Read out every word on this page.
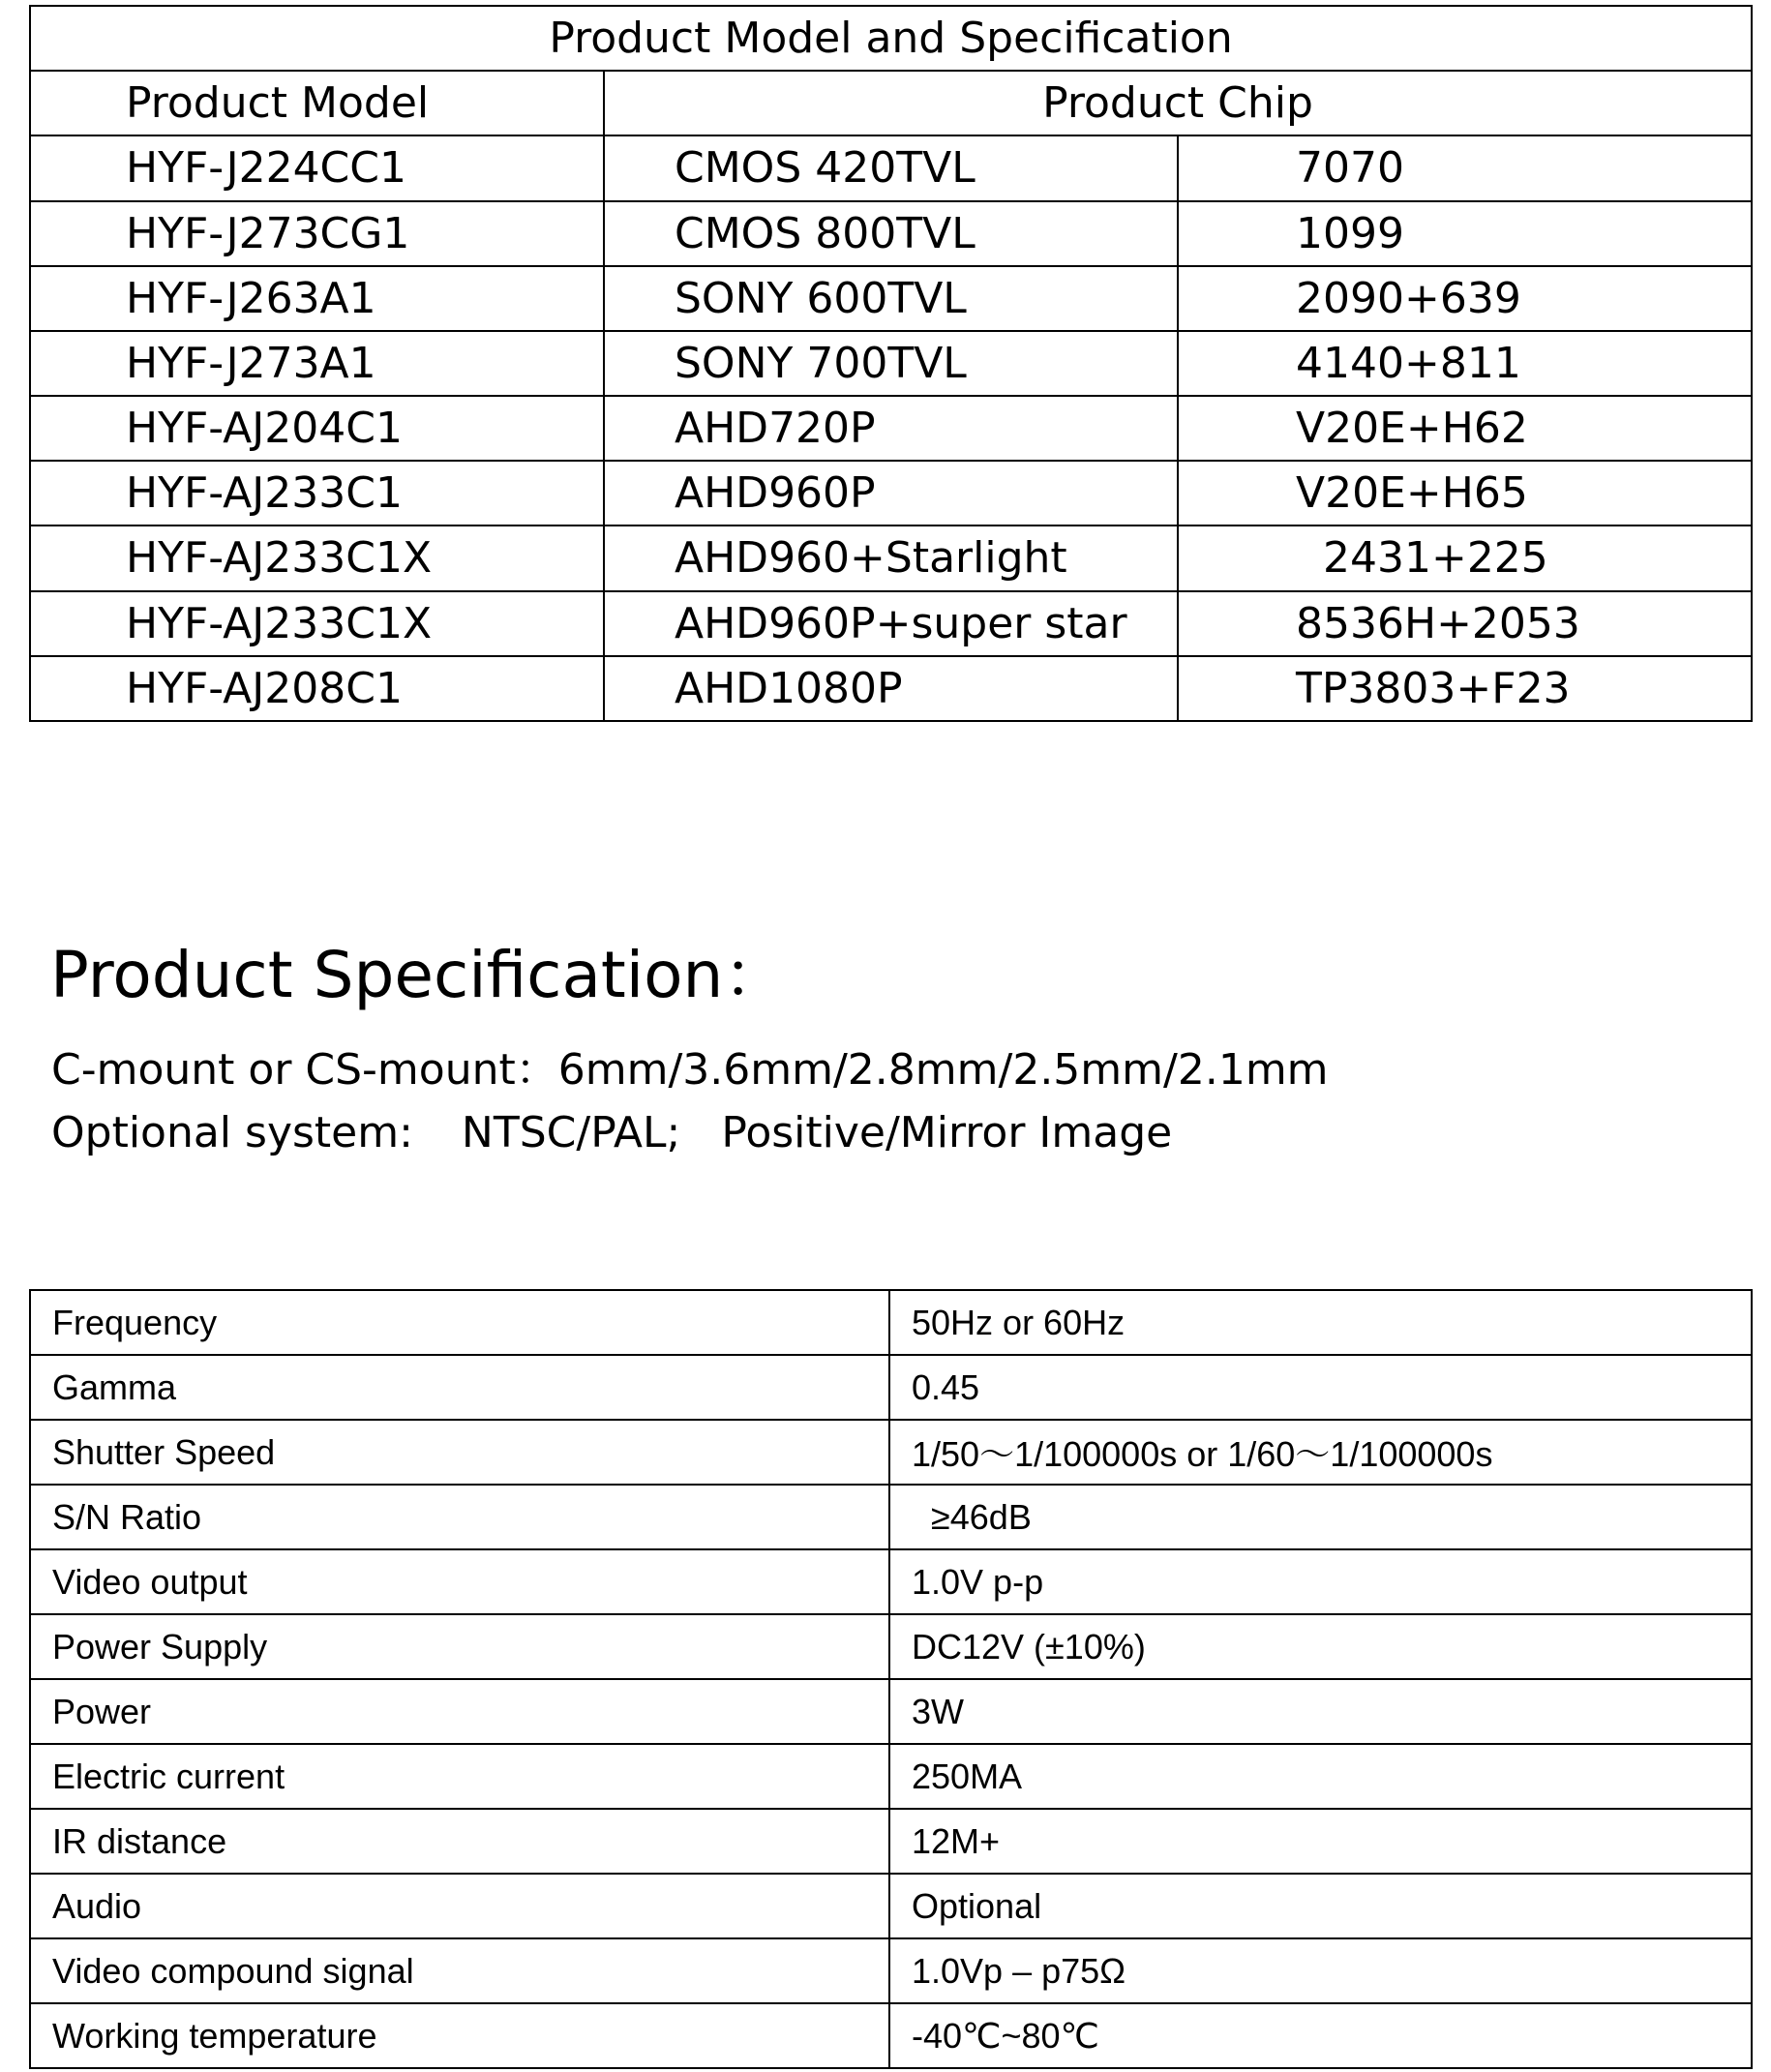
Product Model and Specification		
Product Model	Product Chip	
HYF-J224CC1	CMOS 420TVL	7070
HYF-J273CG1	CMOS 800TVL	1099
HYF-J263A1	SONY 600TVL	2090+639
HYF-J273A1	SONY 700TVL	4140+811
HYF-AJ204C1	AHD720P	V20E+H62
HYF-AJ233C1	AHD960P	V20E+H65
HYF-AJ233C1X	AHD960+Starlight	2431+225
HYF-AJ233C1X	AHD960P+super star	8536H+2053
HYF-AJ208C1	AHD1080P	TP3803+F23
Product Specification：

C-mount or CS-mount：6mm/3.6mm/2.8mm/2.5mm/2.1mm

Optional system: NTSC/PAL; Positive/Mirror Image

Frequency	50Hz or 60Hz
Gamma	0.45
Shutter Speed	1/50～1/100000s or 1/60～1/100000s
S/N Ratio	≥46dB
Video output	1.0V p-p
Power Supply	DC12V (±10%)
Power	3W
Electric current	250MA
IR distance	12M+
Audio	Optional
Video compound signal	1.0Vp – p75Ω
Working temperature	-40℃~80℃
